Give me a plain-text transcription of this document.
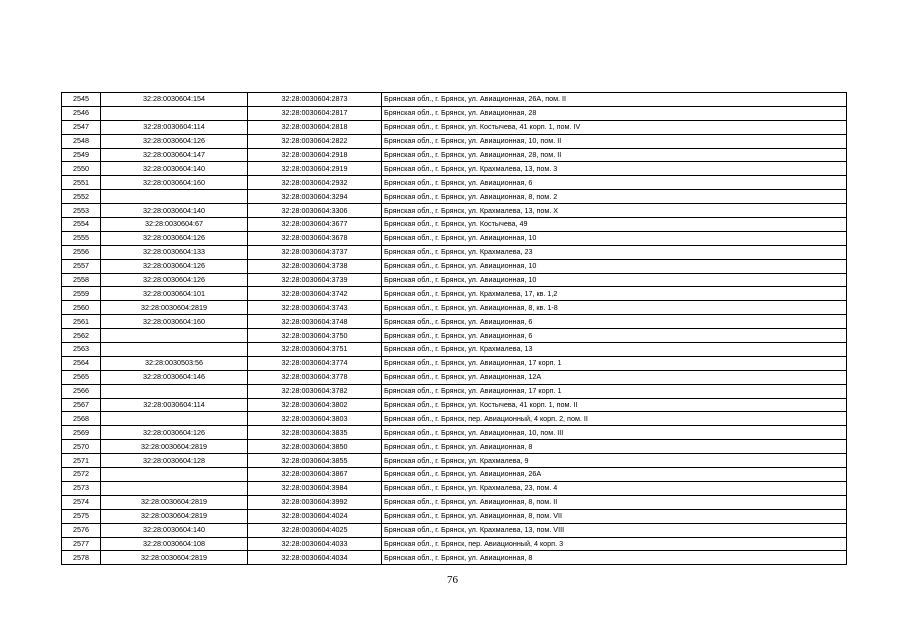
2545	32:28:0030604:154	32:28:0030604:2873	Брянская обл., г. Брянск, ул. Авиационная, 26А, пом. II
2546		32:28:0030604:2817	Брянская обл., г. Брянск, ул. Авиационная, 28
2547	32:28:0030604:114	32:28:0030604:2818	Брянская обл., г. Брянск, ул. Костычева, 41 корп. 1, пом. IV
2548	32:28:0030604:126	32:28:0030604:2822	Брянская обл., г. Брянск, ул. Авиационная, 10, пом. II
2549	32:28:0030604:147	32:28:0030604:2918	Брянская обл., г. Брянск, ул. Авиационная, 28, пом. II
2550	32:28:0030604:140	32:28:0030604:2919	Брянская обл., г. Брянск, ул. Крахмалева, 13, пом. 3
2551	32:28:0030604:160	32:28:0030604:2932	Брянская обл., г. Брянск, ул. Авиационная, 6
2552		32:28:0030604:3294	Брянская обл., г. Брянск, ул. Авиационная, 8, пом. 2
2553	32:28:0030604:140	32:28:0030604:3306	Брянская обл., г. Брянск, ул. Крахмалева, 13, пом. X
2554	32:28:0030604:67	32:28:0030604:3677	Брянская обл., г. Брянск, ул. Костычева, 49
2555	32:28:0030604:126	32:28:0030604:3678	Брянская обл., г. Брянск, ул. Авиационная, 10
2556	32:28:0030604:133	32:28:0030604:3737	Брянская обл., г. Брянск, ул. Крахмалева, 23
2557	32:28:0030604:126	32:28:0030604:3738	Брянская обл., г. Брянск, ул. Авиационная, 10
2558	32:28:0030604:126	32:28:0030604:3739	Брянская обл., г. Брянск, ул. Авиационная, 10
2559	32:28:0030604:101	32:28:0030604:3742	Брянская обл., г. Брянск, ул. Крахмалева, 17, кв. 1,2
2560	32:28:0030604:2819	32:28:0030604:3743	Брянская обл., г. Брянск, ул. Авиационная, 8, кв. 1-8
2561	32:28:0030604:160	32:28:0030604:3748	Брянская обл., г. Брянск, ул. Авиационная, 6
2562		32:28:0030604:3750	Брянская обл., г. Брянск, ул. Авиационная, 6
2563		32:28:0030604:3751	Брянская обл., г. Брянск, ул. Крахмалева, 13
2564	32:28:0030503:56	32:28:0030604:3774	Брянская обл., г. Брянск, ул. Авиационная, 17 корп. 1
2565	32:28:0030604:146	32:28:0030604:3778	Брянская обл., г. Брянск, ул. Авиационная, 12А
2566		32:28:0030604:3782	Брянская обл., г. Брянск, ул. Авиационная, 17 корп. 1
2567	32:28:0030604:114	32:28:0030604:3802	Брянская обл., г. Брянск, ул. Костычева, 41 корп. 1, пом. II
2568		32:28:0030604:3803	Брянская обл., г. Брянск, пер. Авиационный, 4 корп. 2, пом. II
2569	32:28:0030604:126	32:28:0030604:3835	Брянская обл., г. Брянск, ул. Авиационная, 10, пом. III
2570	32:28:0030604:2819	32:28:0030604:3850	Брянская обл., г. Брянск, ул. Авиационная, 8
2571	32:28:0030604:128	32:28:0030604:3855	Брянская обл., г. Брянск, ул. Крахмалева, 9
2572		32:28:0030604:3867	Брянская обл., г. Брянск, ул. Авиационная, 26А
2573		32:28:0030604:3984	Брянская обл., г. Брянск, ул. Крахмалева, 23, пом. 4
2574	32:28:0030604:2819	32:28:0030604:3992	Брянская обл., г. Брянск, ул. Авиационная, 8, пом. II
2575	32:28:0030604:2819	32:28:0030604:4024	Брянская обл., г. Брянск, ул. Авиационная, 8, пом. VII
2576	32:28:0030604:140	32:28:0030604:4025	Брянская обл., г. Брянск, ул. Крахмалева, 13, пом. VIII
2577	32:28:0030604:108	32:28:0030604:4033	Брянская обл., г. Брянск, пер. Авиационный, 4 корп. 3
2578	32:28:0030604:2819	32:28:0030604:4034	Брянская обл., г. Брянск, ул. Авиационная, 8
76
